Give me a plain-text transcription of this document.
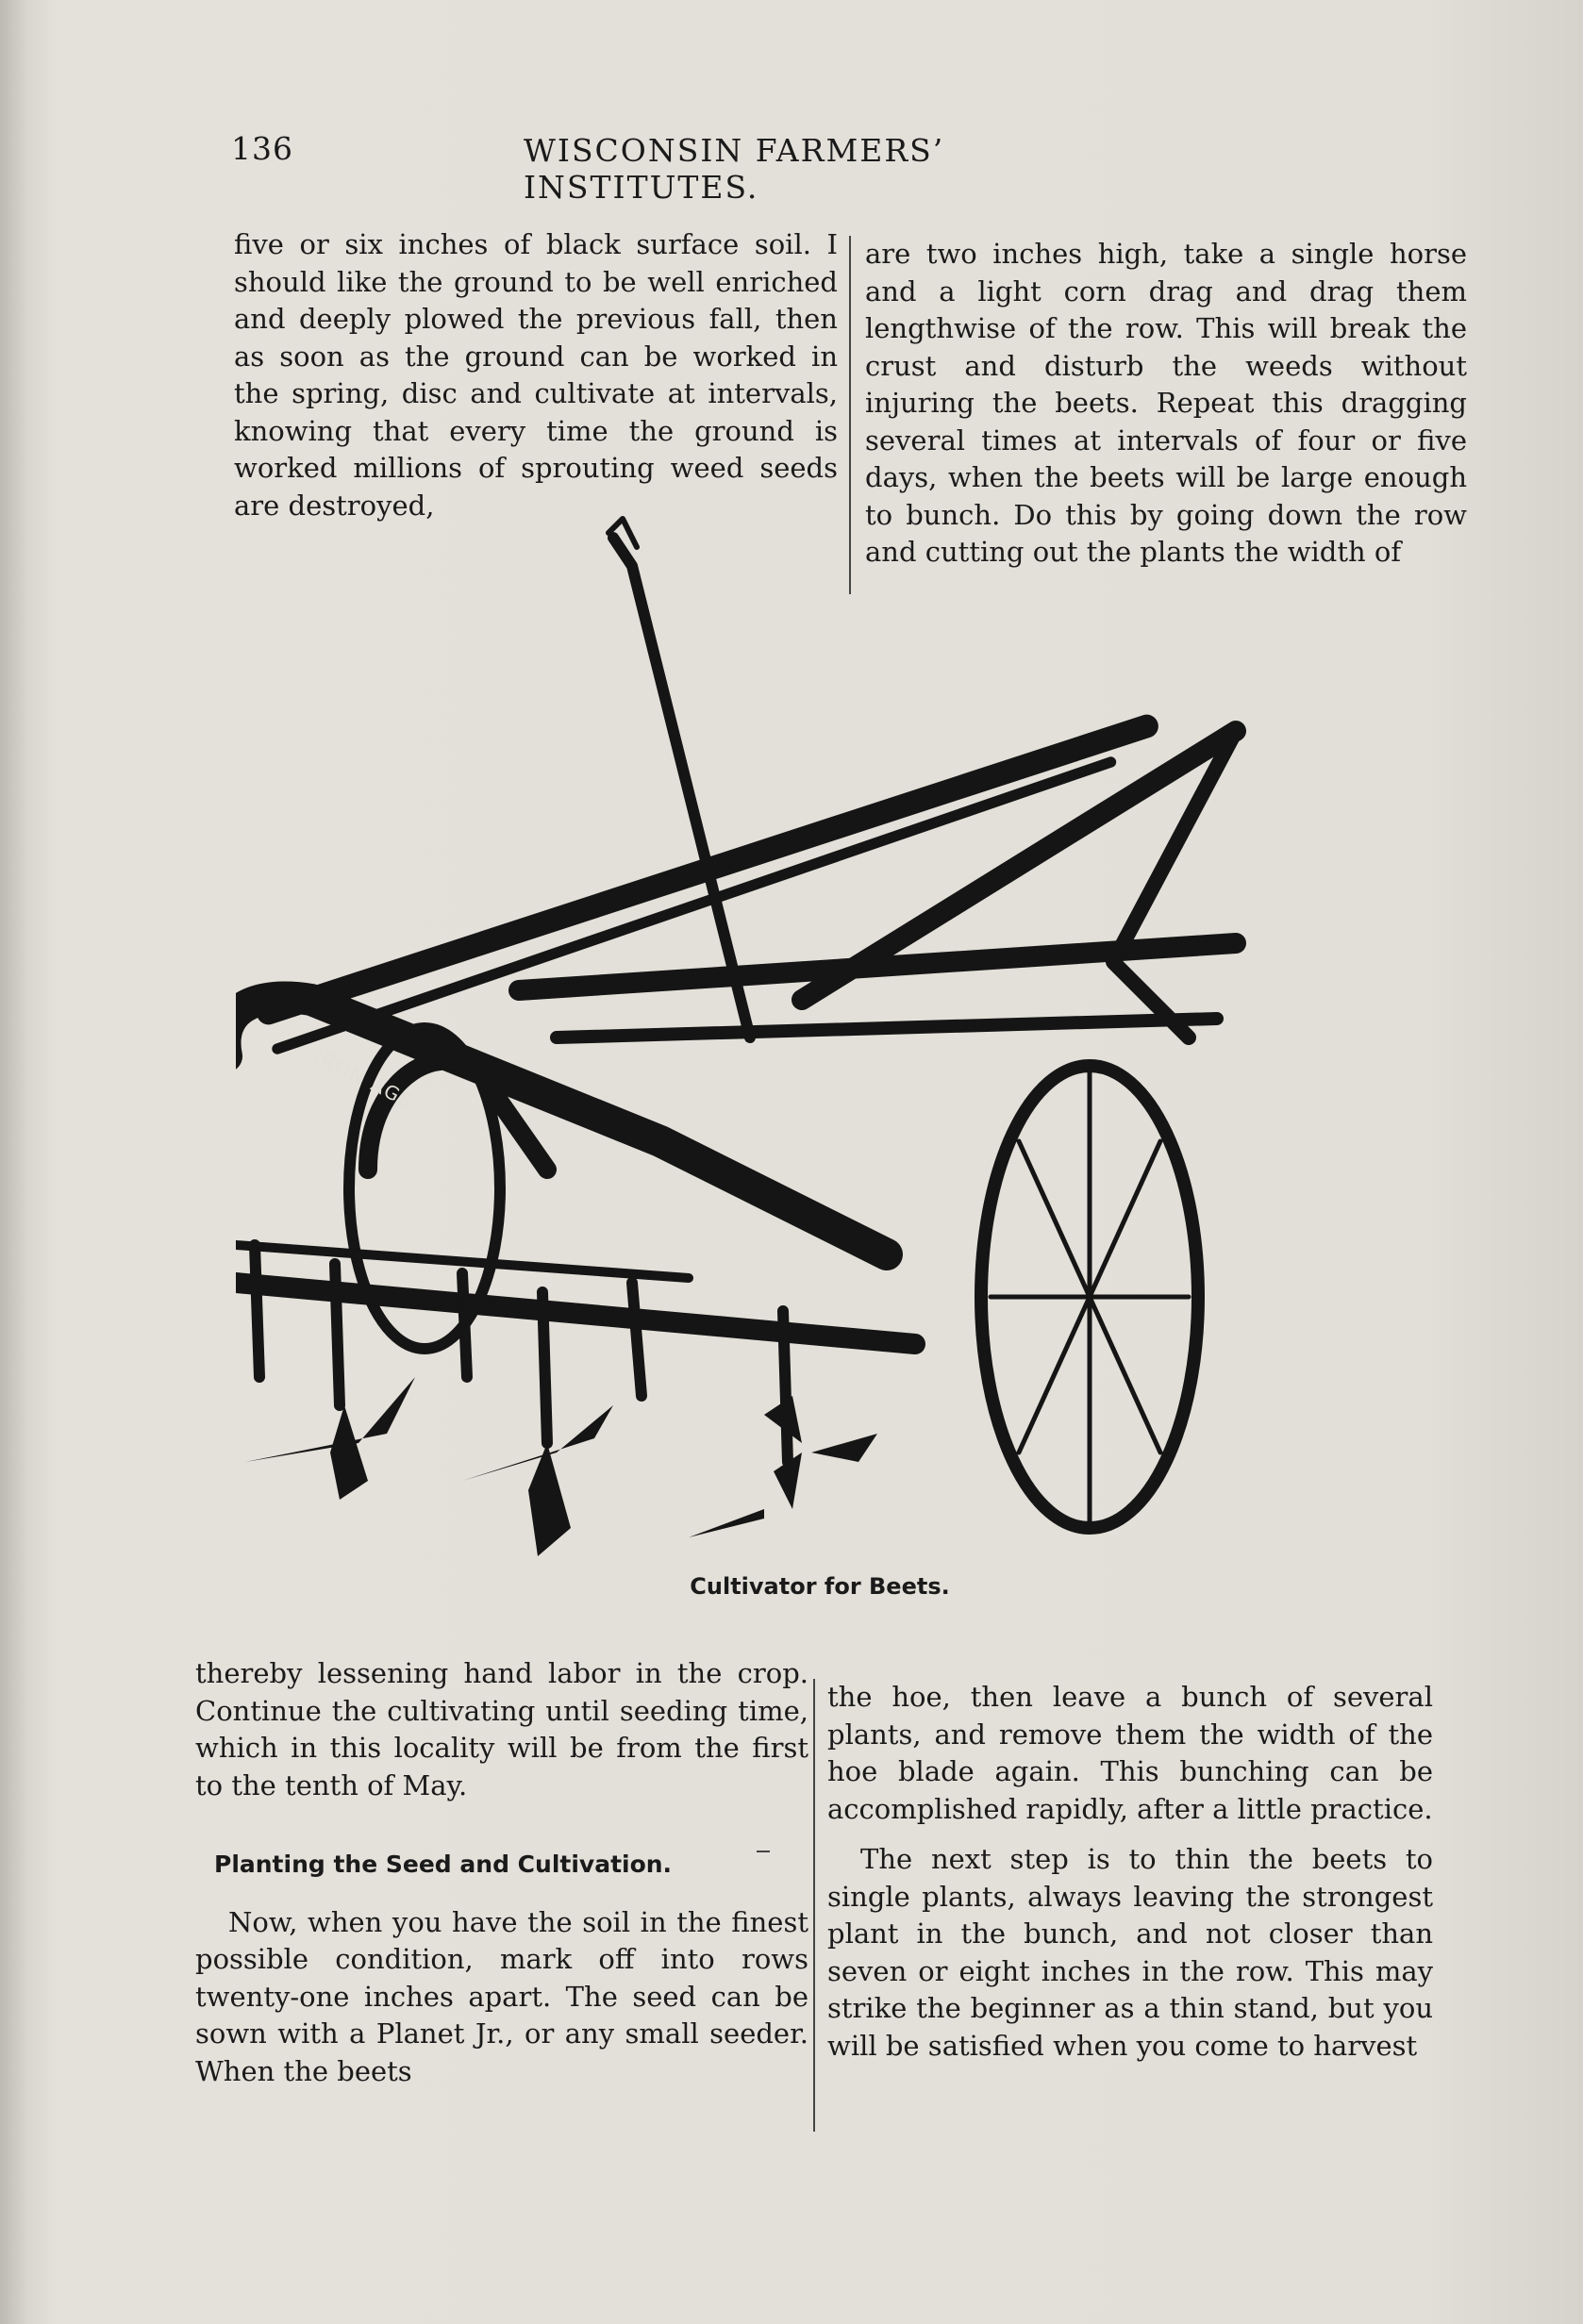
136	WISCONSIN FARMERS’ INSTITUTES.

five or six inches of black surface soil. I should like the ground to be well enriched and deeply plowed the previous fall, then as soon as the ground can be worked in the spring, disc and cultivate at intervals, knowing that every time the ground is worked millions of sprouting weed seeds are destroyed,

are two inches high, take a single horse and a light corn drag and drag them lengthwise of the row. This will break the crust and disturb the weeds without injuring the beets. Repeat this dragging several times at intervals of four or five days, when the beets will be large enough to bunch. Do this by going down the row and cutting out the plants the width of

IRON AGE
Cultivator for Beets.

thereby lessening hand labor in the crop. Continue the cultivating until seeding time, which in this locality will be from the first to the tenth of May.

Planting the Seed and Cultivation.

Now, when you have the soil in the finest possible condition, mark off into rows twenty-one inches apart. The seed can be sown with a Planet Jr., or any small seeder. When the beets

the hoe, then leave a bunch of several plants, and remove them the width of the hoe blade again. This bunching can be accomplished rapidly, after a little practice.

The next step is to thin the beets to single plants, always leaving the strongest plant in the bunch, and not closer than seven or eight inches in the row. This may strike the beginner as a thin stand, but you will be satisfied when you come to harvest
